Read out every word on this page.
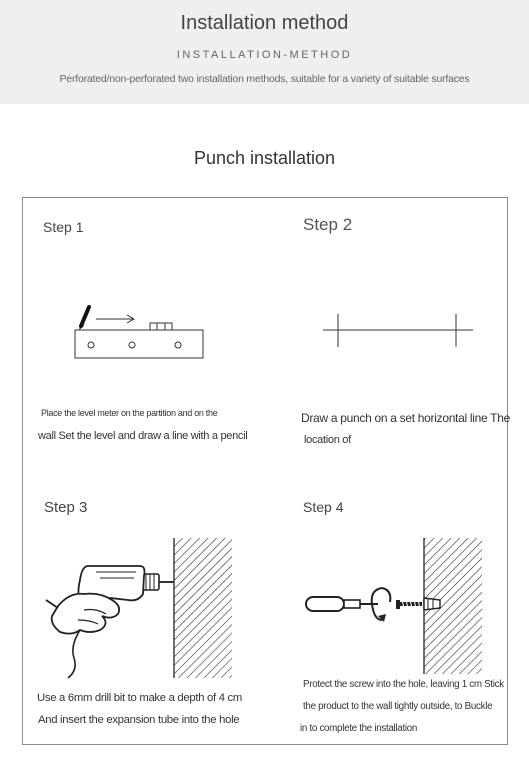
Installation method
INSTALLATION-METHOD
Perforated/non-perforated two installation methods, suitable for a variety of suitable surfaces
Punch installation
Step 1
Place the level meter on the partition and on the
wall Set the level and draw a line with a pencil
Step 2
Draw a punch on a set horizontal line The
location of
Step 3
Use a 6mm drill bit to make a depth of 4 cm
And insert the expansion tube into the hole
Step 4
Protect the screw into the hole, leaving 1 cm Stick
the product to the wall tightly outside, to Buckle
in to complete the installation
